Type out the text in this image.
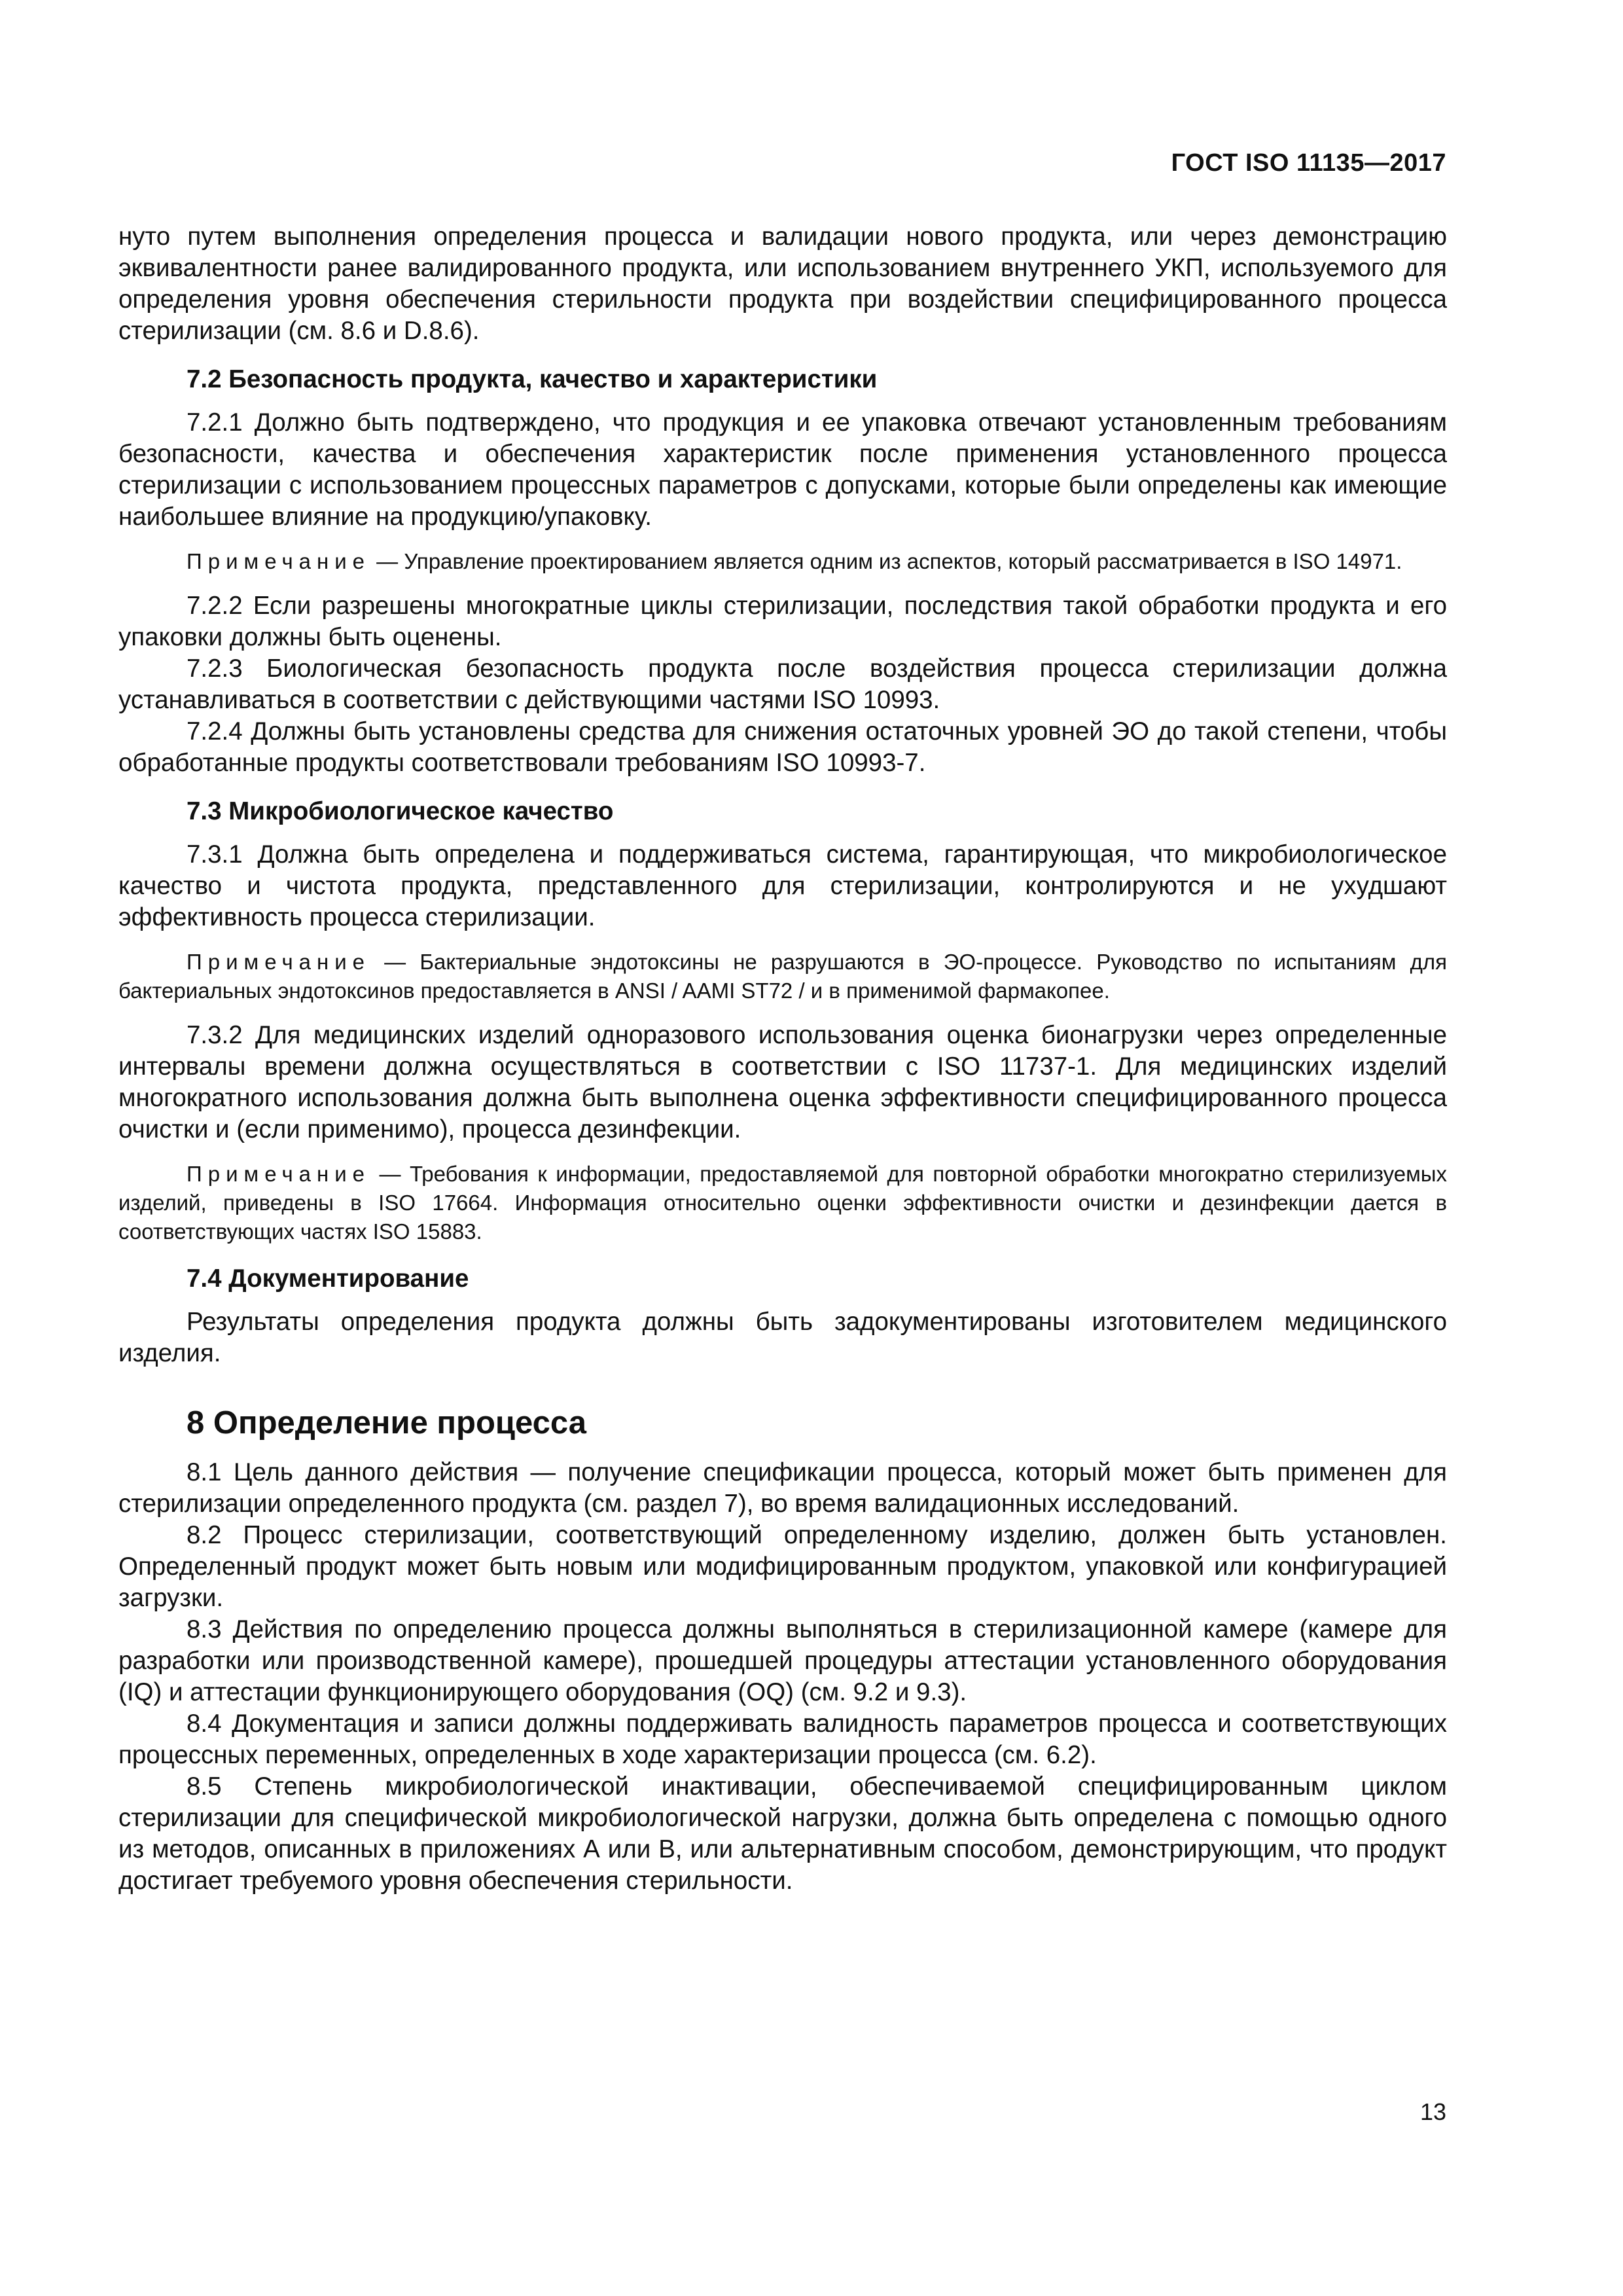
ГОСТ ISO 11135—2017

нуто путем выполнения определения процесса и валидации нового продукта, или через демонстрацию эквивалентности ранее валидированного продукта, или использованием внутреннего УКП, используемого для определения уровня обеспечения стерильности продукта при воздействии специфицированного процесса стерилизации (см. 8.6 и D.8.6).

7.2 Безопасность продукта, качество и характеристики

7.2.1 Должно быть подтверждено, что продукция и ее упаковка отвечают установленным требованиям безопасности, качества и обеспечения характеристик после применения установленного процесса стерилизации с использованием процессных параметров с допусками, которые были определены как имеющие наибольшее влияние на продукцию/упаковку.

Примечание — Управление проектированием является одним из аспектов, который рассматривается в ISO 14971.

7.2.2 Если разрешены многократные циклы стерилизации, последствия такой обработки продукта и его упаковки должны быть оценены.

7.2.3 Биологическая безопасность продукта после воздействия процесса стерилизации должна устанавливаться в соответствии с действующими частями ISO 10993.

7.2.4 Должны быть установлены средства для снижения остаточных уровней ЭО до такой степени, чтобы обработанные продукты соответствовали требованиям ISO 10993-7.

7.3 Микробиологическое качество

7.3.1 Должна быть определена и поддерживаться система, гарантирующая, что микробиологическое качество и чистота продукта, представленного для стерилизации, контролируются и не ухудшают эффективность процесса стерилизации.

Примечание — Бактериальные эндотоксины не разрушаются в ЭО-процессе. Руководство по испытаниям для бактериальных эндотоксинов предоставляется в ANSI / AAMI ST72 / и в применимой фармакопее.

7.3.2 Для медицинских изделий одноразового использования оценка бионагрузки через определенные интервалы времени должна осуществляться в соответствии с ISO 11737-1. Для медицинских изделий многократного использования должна быть выполнена оценка эффективности специфицированного процесса очистки и (если применимо), процесса дезинфекции.

Примечание — Требования к информации, предоставляемой для повторной обработки многократно стерилизуемых изделий, приведены в ISO 17664. Информация относительно оценки эффективности очистки и дезинфекции дается в соответствующих частях ISO 15883.
7.4 Документирование

Результаты определения продукта должны быть задокументированы изготовителем медицинского изделия.

8 Определение процесса

8.1 Цель данного действия — получение спецификации процесса, который может быть применен для стерилизации определенного продукта (см. раздел 7), во время валидационных исследований.

8.2 Процесс стерилизации, соответствующий определенному изделию, должен быть установлен. Определенный продукт может быть новым или модифицированным продуктом, упаковкой или конфигурацией загрузки.

8.3 Действия по определению процесса должны выполняться в стерилизационной камере (камере для разработки или производственной камере), прошедшей процедуры аттестации установленного оборудования (IQ) и аттестации функционирующего оборудования (OQ) (см. 9.2 и 9.3).

8.4 Документация и записи должны поддерживать валидность параметров процесса и соответствующих процессных переменных, определенных в ходе характеризации процесса (см. 6.2).

8.5 Степень микробиологической инактивации, обеспечиваемой специфицированным циклом стерилизации для специфической микробиологической нагрузки, должна быть определена с помощью одного из методов, описанных в приложениях А или В, или альтернативным способом, демонстрирующим, что продукт достигает требуемого уровня обеспечения стерильности.

13
